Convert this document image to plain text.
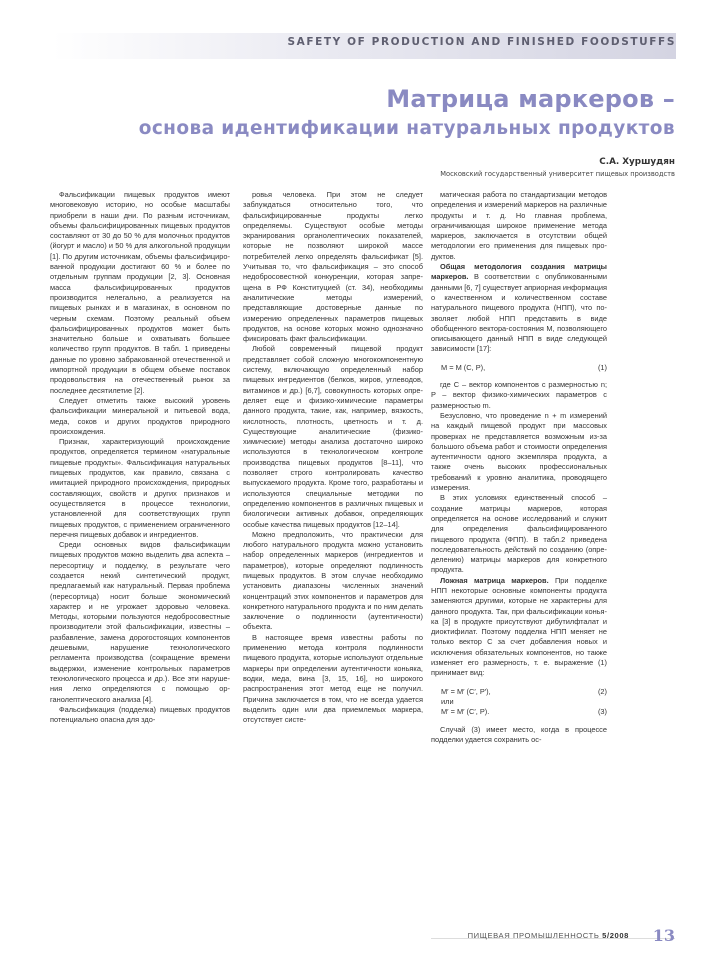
SAFETY OF PRODUCTION AND FINISHED FOODSTUFFS
Матрица маркеров –
основа идентификации натуральных продуктов
С.А. Хуршудян
Московский государственный университет пищевых производств

Фальсификации пищевых продуктов имеют многовековую историю, но особые масштабы приобрели в наши дни. По разным источникам, объемы фальсифицированных пищевых продуктов составляют от 30 до 50 % для молочных продуктов (йогурт и масло) и 50 % для алкогольной продукции [1]. По другим источникам, объемы фальсифицированной продукции достигают 60 % и более по отдельным группам продукции [2, 3]. Основная масса фальсифицированных продуктов производится нелегально, а реализуется на пищевых рынках и в магазинах, в основном по черным схемам. Поэтому реальный объем фальсифицированных продуктов может быть значительно больше и охватывать большее количество групп продуктов. В табл. 1 приведены данные по уровню забракованной отечественной и импортной продукции в общем объеме поставок продовольствия на отечественный рынок за последнее десятилетие [2].

Следует отметить также высокий уровень фальсификации минеральной и питьевой вода, меда, соков и других продуктов природного происхождения.

Признак, характеризующий происхождение продуктов, определяется термином «натуральные пищевые продукты». Фальсификация натуральных пищевых продуктов, как правило, связана с имитацией природного происхождения, природных составляющих, свойств и других признаков и осуществляется в процессе технологии, установленной для соответствующих групп пищевых продуктов, с применением ограниченного перечня пищевых добавок и ингредиентов.

Среди основных видов фальсификации пищевых продуктов можно выделить два аспекта – пересортицу и подделку, в результате чего создается некий синтетический продукт, предлагаемый как натуральный. Первая проблема (пересортица) носит больше экономический характер и не угрожает здоровью человека. Методы, которыми пользуются недобросовестные производители этой фальсификации, известны – разбавление, замена дорогостоящих компонентов дешевыми, нарушение технологического регламента производства (сокращение времени выдержки, изменение контрольных параметров технологического процесса и др.). Все эти нарушения легко определяются с помощью органолептического анализа [4].

Фальсификация (подделка) пищевых продуктов потенциально опасна для здо-

ровья человека. При этом не следует заблуждаться относительно того, что фальсифицированные продукты легко определяемы. Существуют особые методы экранирования органолептических показателей, которые не позволяют широкой массе потребителей легко определять фальсификат [5]. Учитывая то, что фальсификация – это способ недобросовестной конкуренции, которая запрещена в РФ Конституцией (ст. 34), необходимы аналитические методы измерений, представляющие достоверные данные по измерению определенных параметров пищевых продуктов, на основе которых можно однозначно фиксировать факт фальсификации.

Любой современный пищевой продукт представляет собой сложную многокомпонентную систему, включающую определенный набор пищевых ингредиентов (белков, жиров, углеводов, витаминов и др.) [6,7], совокупность которых определяет еще и физико-химические параметры данного продукта, такие, как, например, вязкость, кислотность, плотность, цветность и т. д. Существующие аналитические (физико-химические) методы анализа достаточно широко используются в технологическом контроле производства пищевых продуктов [8–11], что позволяет строго контролировать качество выпускаемого продукта. Кроме того, разработаны и используются специальные методики по определению компонентов в различных пищевых и биологически активных добавок, определяющих особые качества пищевых продуктов [12–14].

Можно предположить, что практически для любого натурального продукта можно установить набор определенных маркеров (ингредиентов и параметров), которые определяют подлинность пищевых продуктов. В этом случае необходимо установить диапазоны численных значений концентраций этих компонентов и параметров для конкретного натурального продукта и по ним делать заключение о подлинности (аутентичности) объекта.

В настоящее время известны работы по применению метода контроля подлинности пищевого продукта, которые используют отдельные маркеры при определении аутентичности коньяка, водки, меда, вина [3, 15, 16], но широкого распространения этот метод еще не получил. Причина заключается в том, что не всегда удается выделить один или два приемлемых маркера, отсутствует систе-

матическая работа по стандартизации методов определения и измерений маркеров на различные продукты и т. д. Но главная проблема, ограничивающая широкое применение метода маркеров, заключается в отсутствии общей методологии его применения для пищевых продуктов.

Общая методология создания матрицы маркеров. В соответствии с опубликованными данными [6, 7] существует априорная информация о качественном и количественном составе натурального пищевого продукта (НПП), что позволяет любой НПП представить в виде обобщенного вектора-состояния M, позволяющего описывающего данный НПП в виде следующей зависимости [17]:

M = M (C, P),	(1)

где C – вектор компонентов с размерностью n; P – вектор физико-химических параметров с размерностью m.

Безусловно, что проведение n + m измерений на каждый пищевой продукт при массовых проверках не представляется возможным из-за большого объема работ и стоимости определения аутентичности одного экземпляра продукта, а также очень высоких профессиональных требований к уровню аналитика, проводящего измерения.

В этих условиях единственный способ – создание матрицы маркеров, которая определяется на основе исследований и служит для определения фальсифицированного пищевого продукта (ФПП). В табл.2 приведена последовательность действий по созданию (определению) матрицы маркеров для конкретного продукта.

Ложная матрица маркеров. При подделке НПП некоторые основные компоненты продукта заменяются другими, которые не характерны для данного продукта. Так, при фальсификации коньяка [3] в продукте присутствуют дибутилфталат и диоктифилат. Поэтому подделка НПП меняет не только вектор C за счет добавления новых и исключения обязательных компонентов, но также изменяет его размерность, т. е. выражение (1) принимает вид:

M′ = M′ (C′, P′),	(2)
или
M′ = M′ (C′, P).	(3)

Случай (3) имеет место, когда в процессе подделки удается сохранить ос-

ПИЩЕВАЯ ПРОМЫШЛЕННОСТЬ 5/2008 13
